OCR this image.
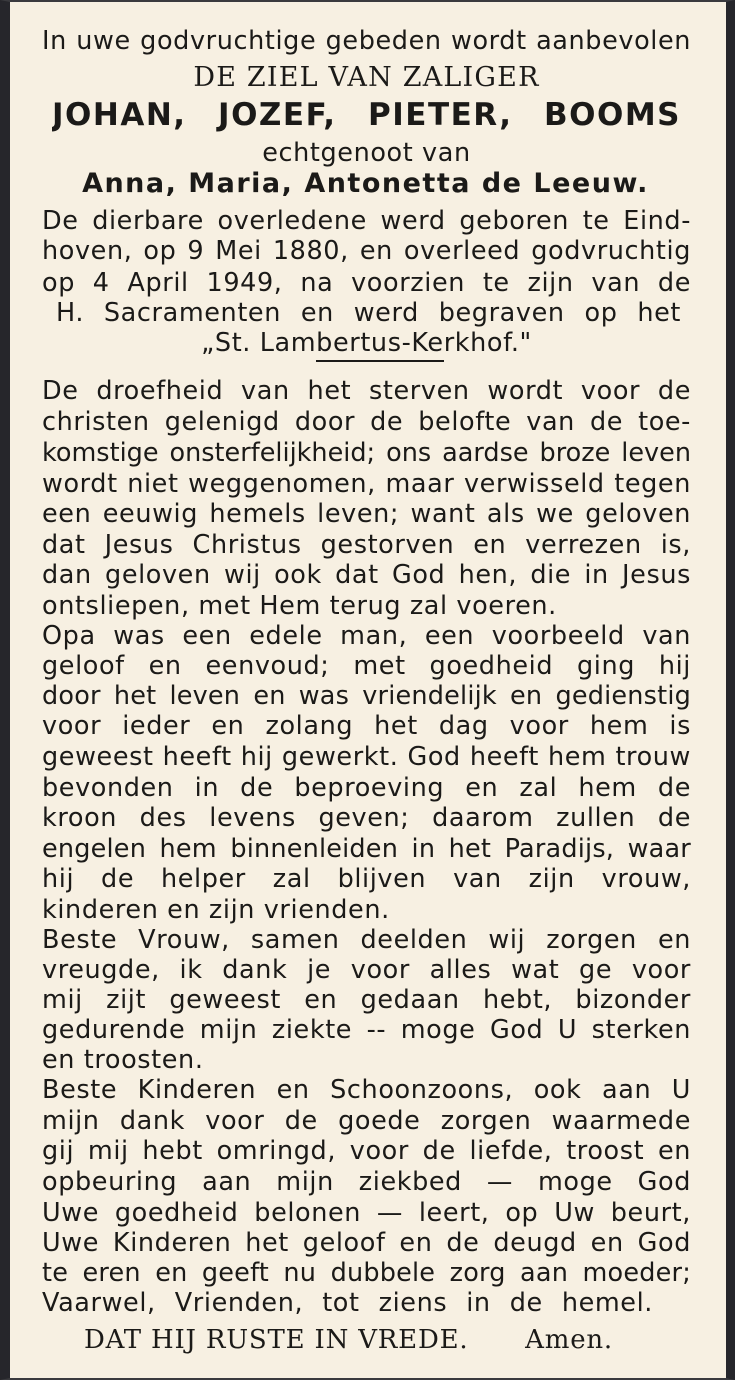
In uwe godvruchtige gebeden wordt aanbevolen
DE ZIEL VAN ZALIGER
JOHAN, JOZEF, PIETER, BOOMS
echtgenoot van
Anna, Maria, Antonetta de Leeuw.
De dierbare overledene werd geboren te Eind-
hoven, op 9 Mei 1880, en overleed godvruchtig
op 4 April 1949, na voorzien te zijn van de
H. Sacramenten en werd begraven op het
„St. Lambertus-Kerkhof."
De droefheid van het sterven wordt voor de
christen gelenigd door de belofte van de toe-
komstige onsterfelijkheid; ons aardse broze leven
wordt niet weggenomen, maar verwisseld tegen
een eeuwig hemels leven; want als we geloven
dat Jesus Christus gestorven en verrezen is,
dan geloven wij ook dat God hen, die in Jesus
ontsliepen, met Hem terug zal voeren.
Opa was een edele man, een voorbeeld van
geloof en eenvoud; met goedheid ging hij
door het leven en was vriendelijk en gedienstig
voor ieder en zolang het dag voor hem is
geweest heeft hij gewerkt. God heeft hem trouw
bevonden in de beproeving en zal hem de
kroon des levens geven; daarom zullen de
engelen hem binnenleiden in het Paradijs, waar
hij de helper zal blijven van zijn vrouw,
kinderen en zijn vrienden.
Beste Vrouw, samen deelden wij zorgen en
vreugde, ik dank je voor alles wat ge voor
mij zijt geweest en gedaan hebt, bizonder
gedurende mijn ziekte -- moge God U sterken
en troosten.
Beste Kinderen en Schoonzoons, ook aan U
mijn dank voor de goede zorgen waarmede
gij mij hebt omringd, voor de liefde, troost en
opbeuring aan mijn ziekbed — moge God
Uwe goedheid belonen — leert, op Uw beurt,
Uwe Kinderen het geloof en de deugd en God
te eren en geeft nu dubbele zorg aan moeder;
Vaarwel, Vrienden, tot ziens in de hemel.
DAT HIJ RUSTE IN VREDE. Amen.
